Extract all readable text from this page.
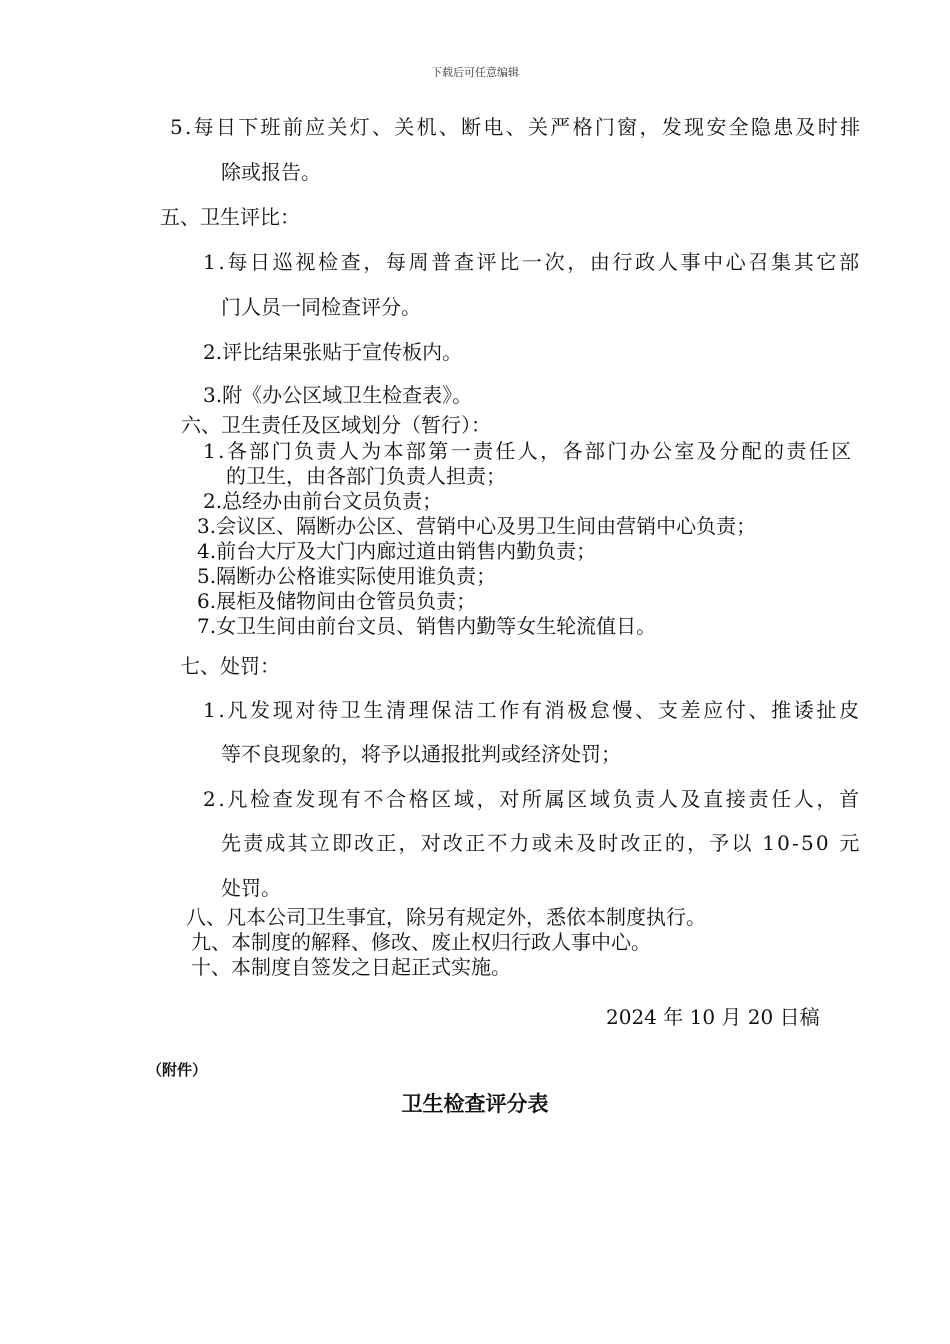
下载后可任意编辑

5.每日下班前应关灯、关机、断电、关严格门窗，发现安全隐患及时排

除或报告。

五、卫生评比：

1.每日巡视检查，每周普查评比一次，由行政人事中心召集其它部

门人员一同检查评分。

2.评比结果张贴于宣传板内。

3.附《办公区域卫生检查表》。

六、卫生责任及区域划分（暂行）：

1.各部门负责人为本部第一责任人，各部门办公室及分配的责任区

的卫生，由各部门负责人担责；

2.总经办由前台文员负责；

3.会议区、隔断办公区、营销中心及男卫生间由营销中心负责；

4.前台大厅及大门内廊过道由销售内勤负责；

5.隔断办公格谁实际使用谁负责；

6.展柜及储物间由仓管员负责；

7.女卫生间由前台文员、销售内勤等女生轮流值日。

七、处罚：

1.凡发现对待卫生清理保洁工作有消极怠慢、支差应付、推诿扯皮

等不良现象的，将予以通报批判或经济处罚；

2.凡检查发现有不合格区域，对所属区域负责人及直接责任人，首

先责成其立即改正，对改正不力或未及时改正的，予以 10-50 元

处罚。

八、凡本公司卫生事宜，除另有规定外，悉依本制度执行。

九、本制度的解释、修改、废止权归行政人事中心。

十、本制度自签发之日起正式实施。

2024 年 10 月 20 日稿

（附件）
卫生检查评分表
